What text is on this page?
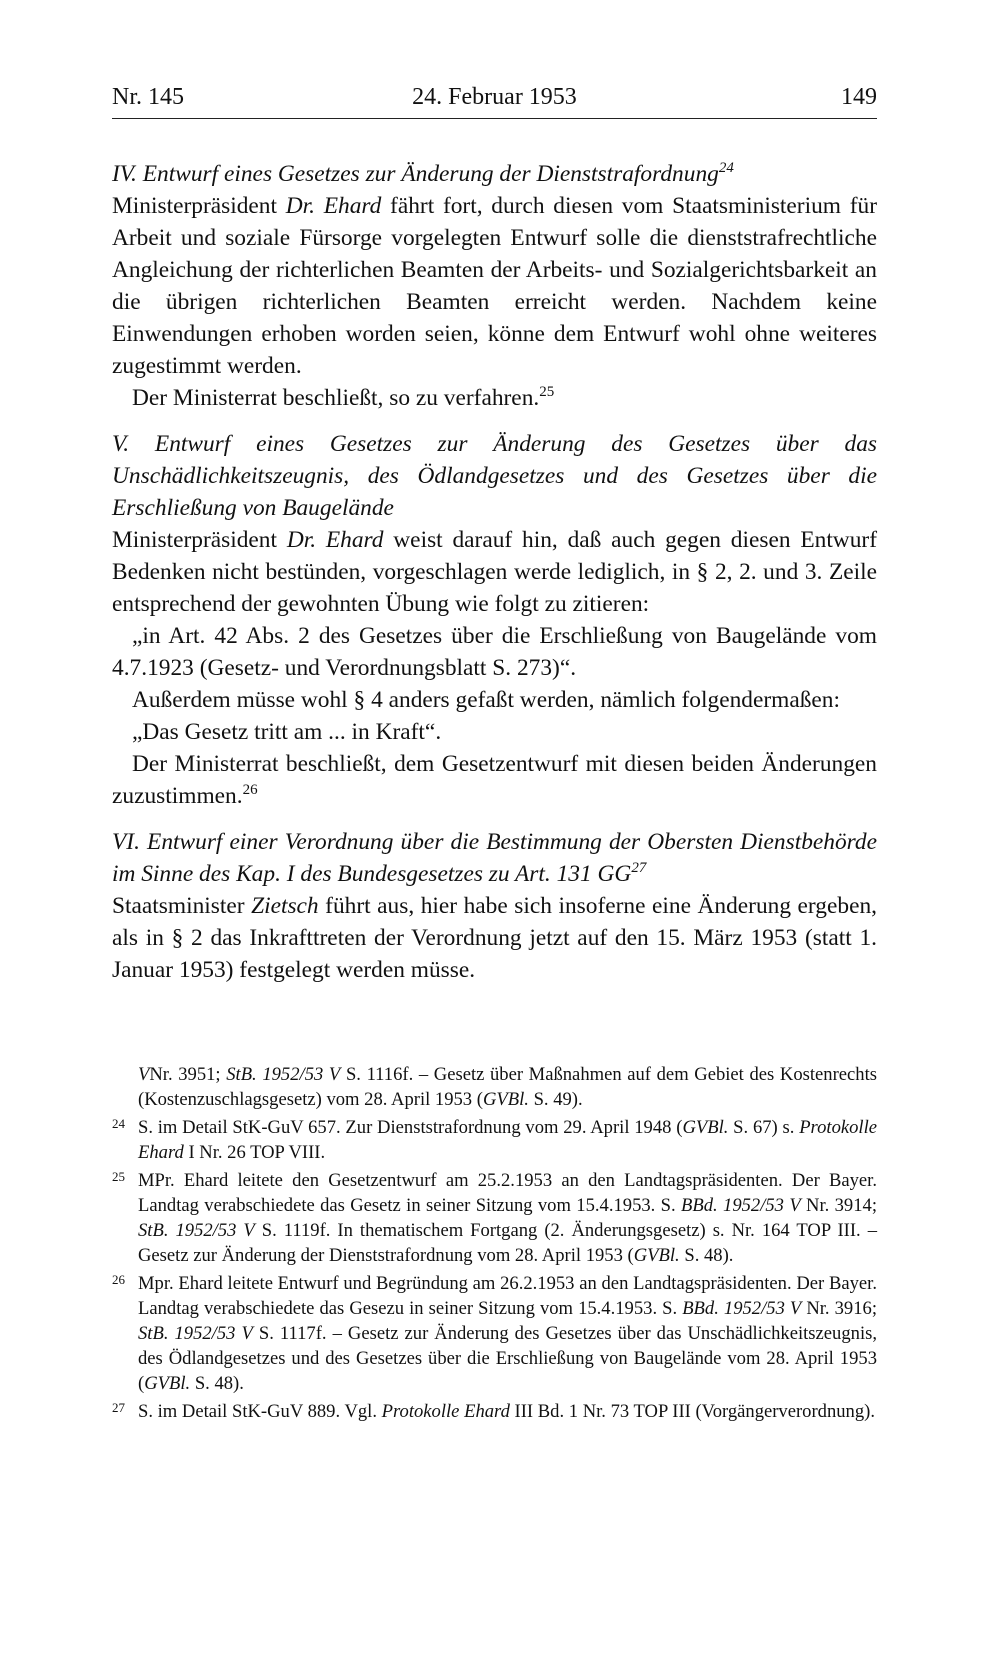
Nr. 145	24. Februar 1953	149

IV. Entwurf eines Gesetzes zur Änderung der Dienststrafordnung$^{24}$

Ministerpräsident Dr. Ehard fährt fort, durch diesen vom Staatsministerium für Arbeit und soziale Fürsorge vorgelegten Entwurf solle die dienststrafrechtliche Angleichung der richterlichen Beamten der Arbeits- und Sozialgerichtsbarkeit an die übrigen richterlichen Beamten erreicht werden. Nachdem keine Einwendungen erhoben worden seien, könne dem Entwurf wohl ohne weiteres zugestimmt werden.

Der Ministerrat beschließt, so zu verfahren.$^{25}$

V. Entwurf eines Gesetzes zur Änderung des Gesetzes über das Unschädlichkeitszeugnis, des Ödlandgesetzes und des Gesetzes über die Erschließung von Baugelände

Ministerpräsident Dr. Ehard weist darauf hin, daß auch gegen diesen Entwurf Bedenken nicht bestünden, vorgeschlagen werde lediglich, in § 2, 2. und 3. Zeile entsprechend der gewohnten Übung wie folgt zu zitieren:

„in Art. 42 Abs. 2 des Gesetzes über die Erschließung von Baugelände vom 4.7.1923 (Gesetz- und Verordnungsblatt S. 273)“.

Außerdem müsse wohl § 4 anders gefaßt werden, nämlich folgendermaßen:

„Das Gesetz tritt am ... in Kraft“.

Der Ministerrat beschließt, dem Gesetzentwurf mit diesen beiden Änderungen zuzustimmen.$^{26}$

VI. Entwurf einer Verordnung über die Bestimmung der Obersten Dienstbehörde im Sinne des Kap. I des Bundesgesetzes zu Art. 131 GG$^{27}$

Staatsminister Zietsch führt aus, hier habe sich insoferne eine Änderung ergeben, als in § 2 das Inkrafttreten der Verordnung jetzt auf den 15. März 1953 (statt 1. Januar 1953) festgelegt werden müsse.

VNr. 3951; StB. 1952/53 V S. 1116f. – Gesetz über Maßnahmen auf dem Gebiet des Kostenrechts (Kostenzuschlagsgesetz) vom 28. April 1953 (GVBl. S. 49).

24 S. im Detail StK-GuV 657. Zur Dienststrafordnung vom 29. April 1948 (GVBl. S. 67) s. Protokolle Ehard I Nr. 26 TOP VIII.

25 MPr. Ehard leitete den Gesetzentwurf am 25.2.1953 an den Landtagspräsidenten. Der Bayer. Landtag verabschiedete das Gesetz in seiner Sitzung vom 15.4.1953. S. BBd. 1952/53 V Nr. 3914; StB. 1952/53 V S. 1119f. In thematischem Fortgang (2. Änderungsgesetz) s. Nr. 164 TOP III. – Gesetz zur Änderung der Dienststrafordnung vom 28. April 1953 (GVBl. S. 48).

26 Mpr. Ehard leitete Entwurf und Begründung am 26.2.1953 an den Landtagspräsidenten. Der Bayer. Landtag verabschiedete das Gesezu in seiner Sitzung vom 15.4.1953. S. BBd. 1952/53 V Nr. 3916; StB. 1952/53 V S. 1117f. – Gesetz zur Änderung des Gesetzes über das Unschädlichkeitszeugnis, des Ödlandgesetzes und des Gesetzes über die Erschließung von Baugelände vom 28. April 1953 (GVBl. S. 48).

27 S. im Detail StK-GuV 889. Vgl. Protokolle Ehard III Bd. 1 Nr. 73 TOP III (Vorgängerverordnung).
